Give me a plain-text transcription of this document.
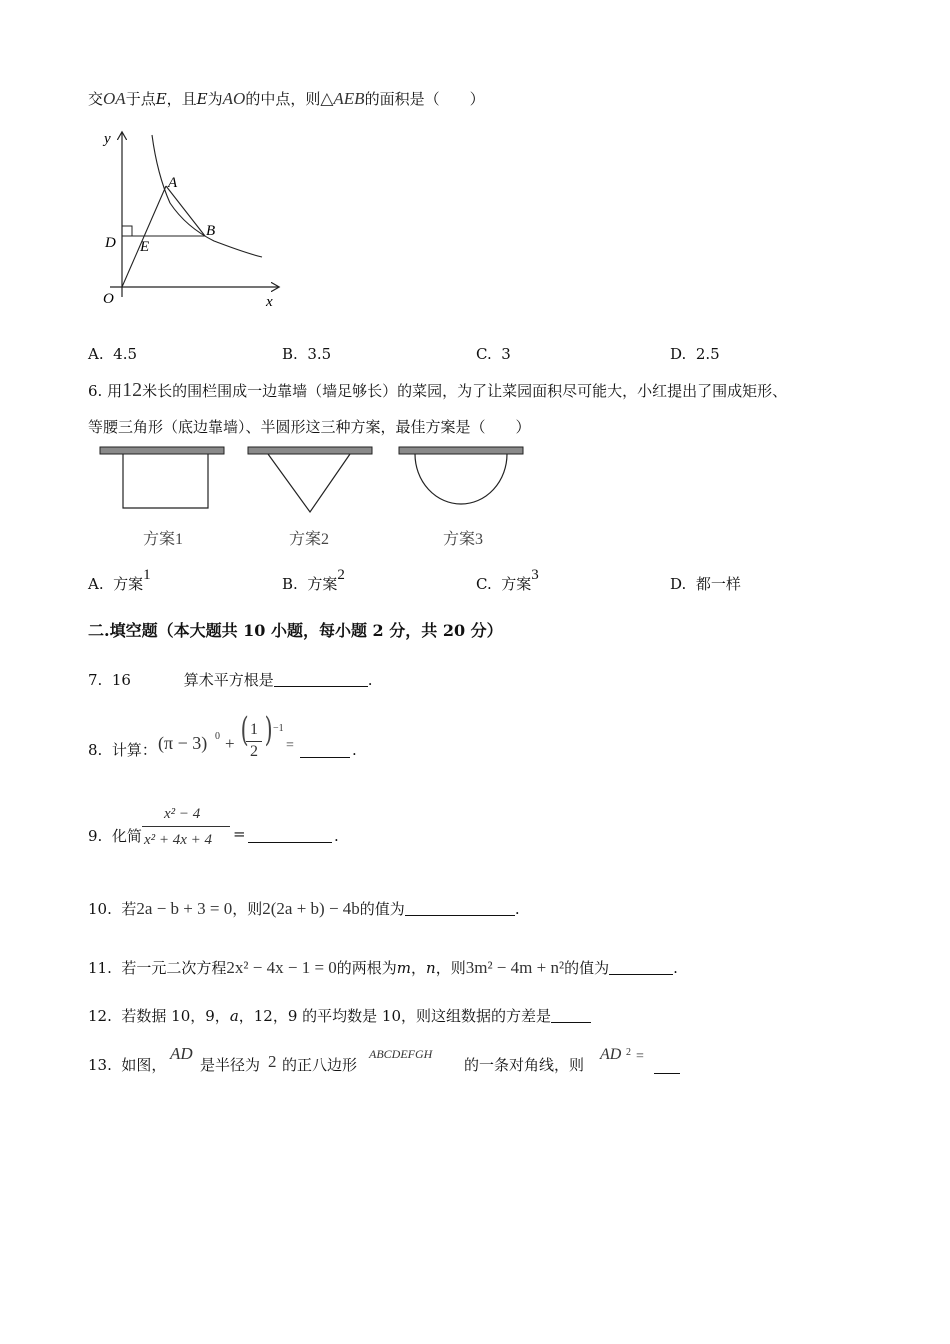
交OA于点E，且E为AO的中点，则△AEB的面积是（　　）
y
x
O
A
B
D E
A. 4.5	B. 3.5	C. 3	D. 2.5
6. 用12米长的围栏围成一边靠墙（墙足够长）的菜园，为了让菜园面积尽可能大，小红提出了围成矩形、
等腰三角形（底边靠墙）、半圆形这三种方案，最佳方案是（　　）
方案1	方案2	方案3
A. 方案1	B. 方案2	C. 方案3	D. 都一样
二.填空题（本大题共 10 小题，每小题 2 分，共 20 分）
7. 16	算术平方根是	.
8. 计算： (π − 3) 0 + ( 1
2
) −1
=	.
9. 化简
x² − 4
x² + 4x + 4 =	.
10. 若2a − b + 3 = 0，则2(2a + b) − 4b的值为	.
11. 若一元二次方程2x² − 4x − 1 = 0的两根为m，n，则3m² − 4m + n²的值为	.
12. 若数据 10，9，a，12，9 的平均数是 10，则这组数据的方差是
13. 如图，
AD
是半径为 2 的正八边形
ABCDEFGH
的一条对角线，则
AD 2 =
